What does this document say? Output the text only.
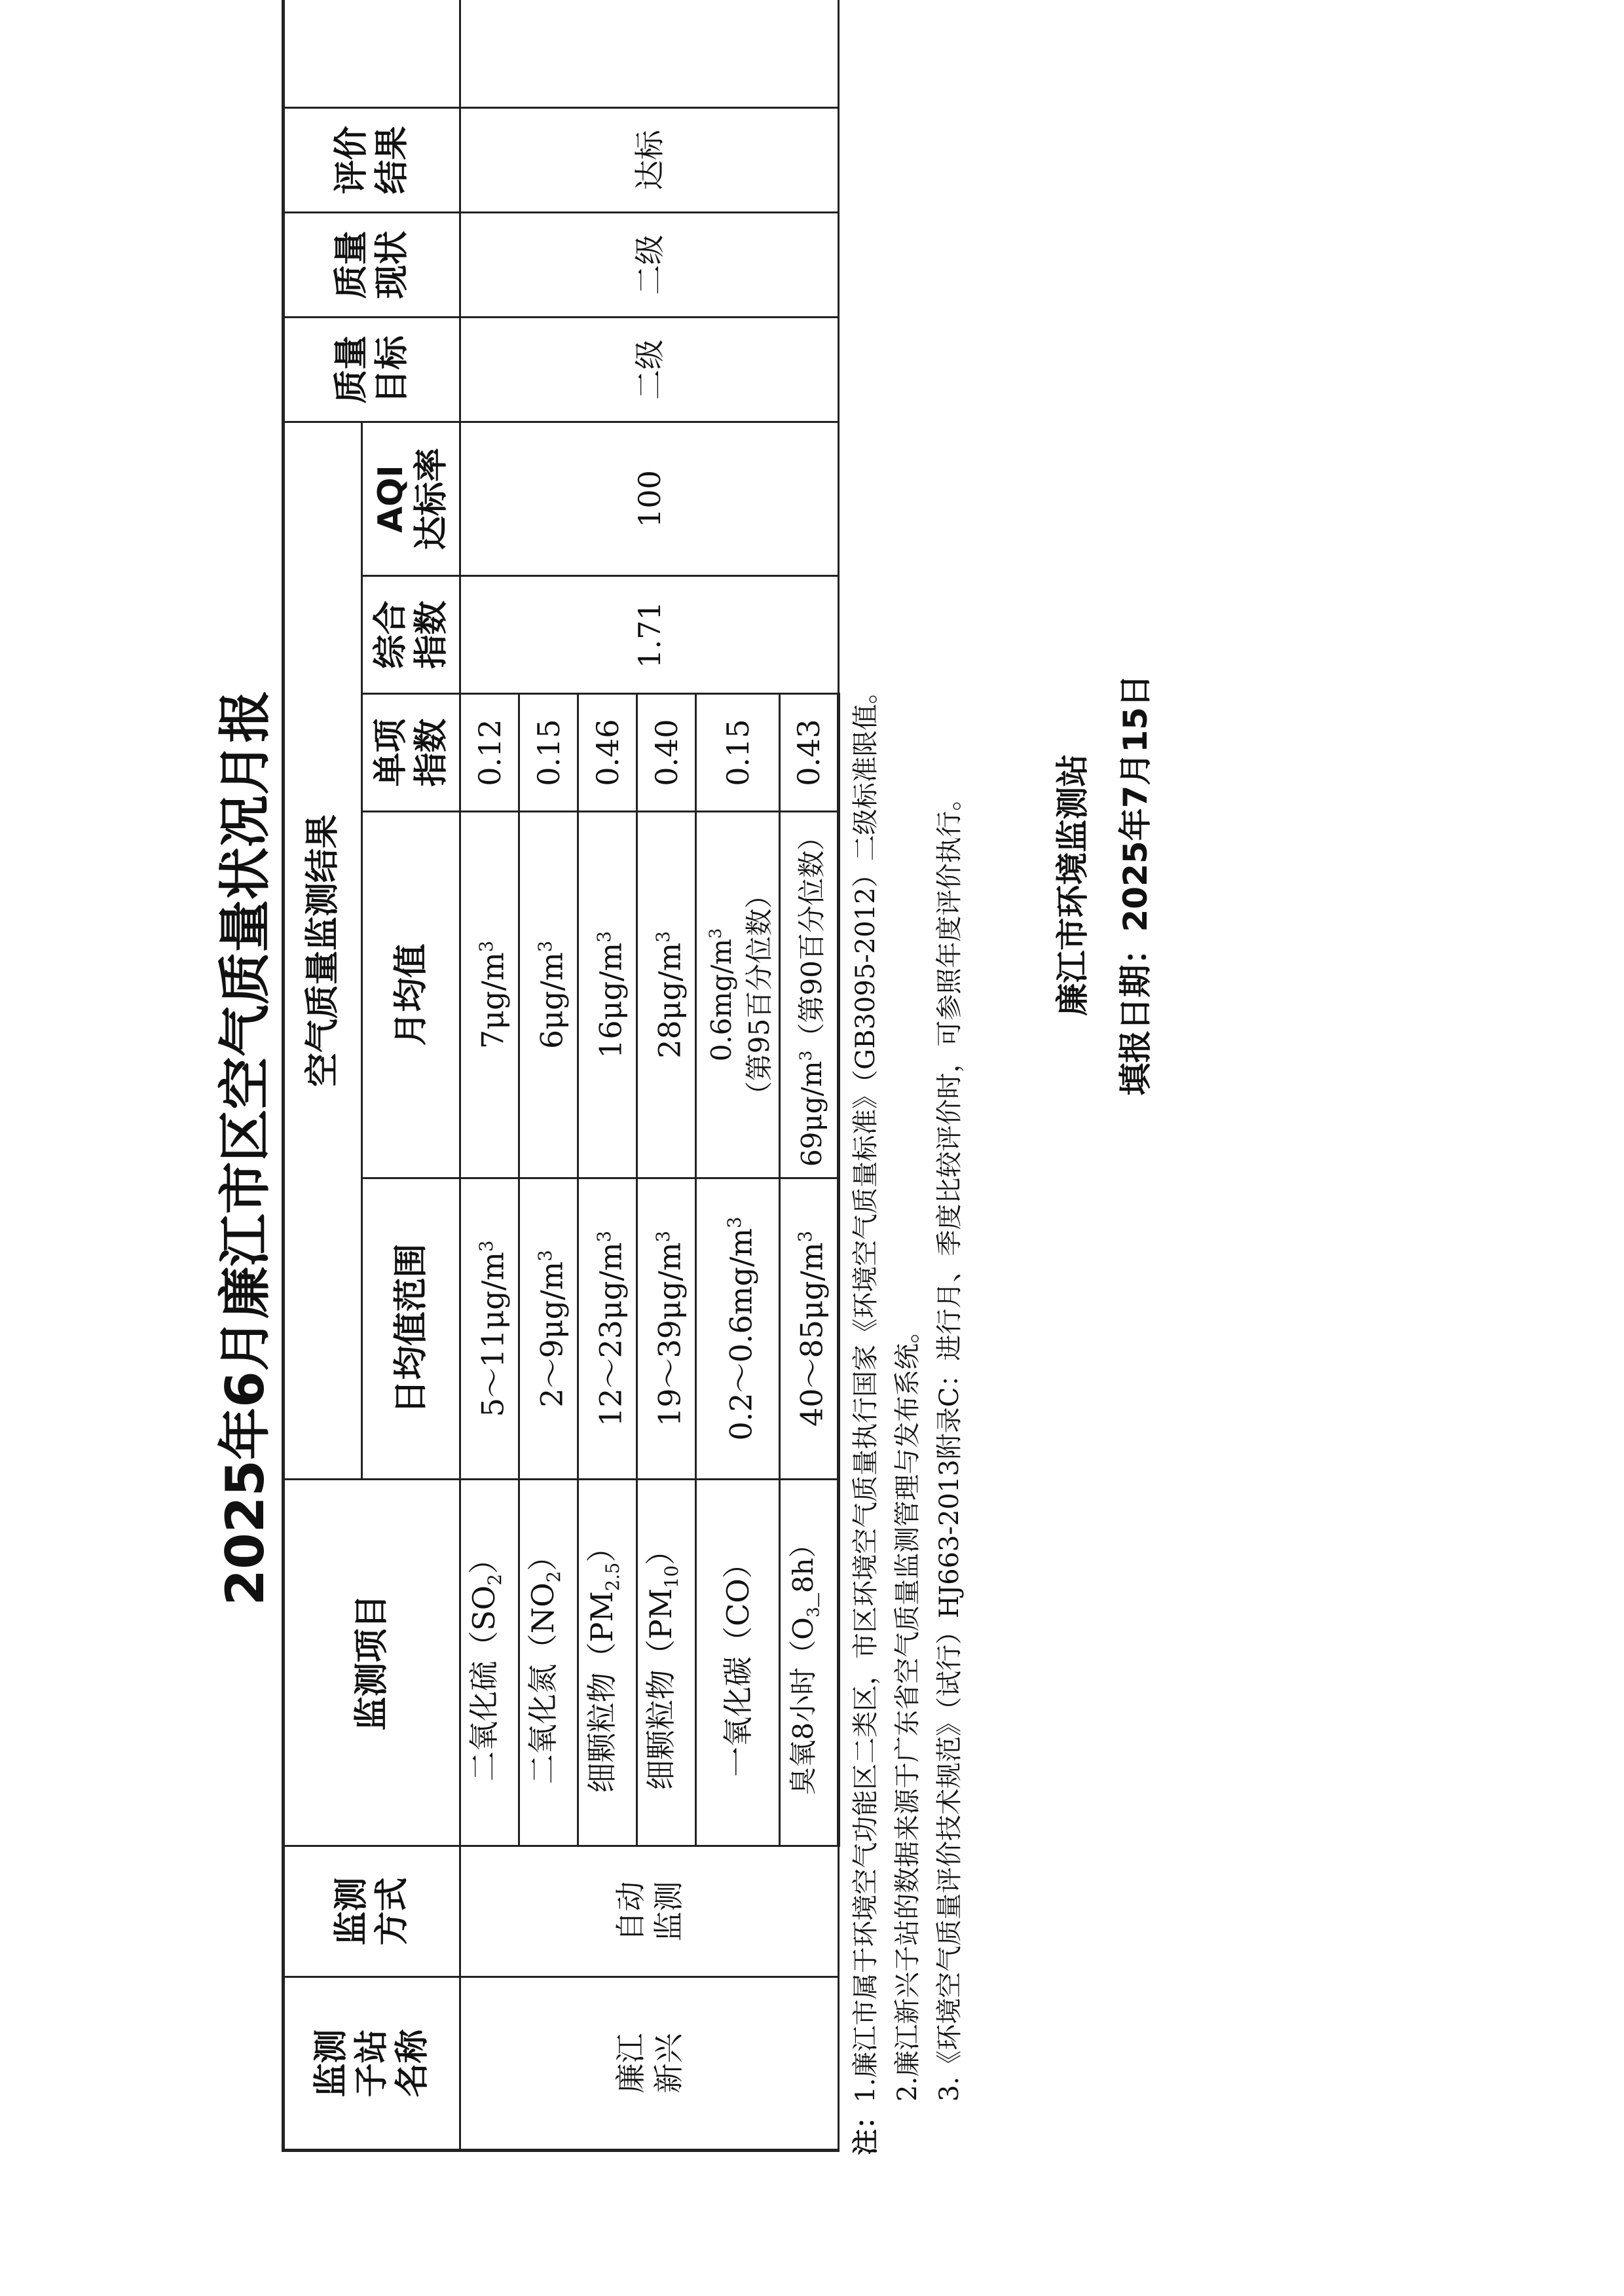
2025年6月廉江市区空气质量状况月报
监测 子站 名称	监测 方式	监测项目	空气质量监测结果					质量 目标	质量 现状	评价 结果

			日均值范围	月均值	单项 指数	综合 指数	AQI 达标率				

廉江 新兴	自动 监测	二氧化硫$(SO_2)$	$5\sim 11\mu g/m^3$	$7\mu g/m^3$	0.12	1.71	100	二级	二级	达标	

		二氧化氮$(NO_2)$	$2\sim 9\mu g/m^3$	$6\mu g/m^3$	0.15						
		细颗粒物$(PM_{2.5})$	$12\sim 23\mu g/m^3$	$16\mu g/m^3$	0.46						
		细颗粒物$(PM_{10})$	$19\sim 39\mu g/m^3$	$28\mu g/m^3$	0.40						
		一氧化碳（CO）	$0.2\sim 0.6mg/m^3$	$0.6mg/m^3$ （第95百分位数）	0.15						
		臭氧8小时$(O_3\_8h)$	$40\sim 85\mu g/m^3$	$69\mu g/m^3$（第90百分位数）	0.43						
注：1.廉江市属于环境空气功能区二类区，市区环境空气质量执行国家《环境空气质量标准》（GB3095-2012）二级标准限值。 2.廉江新兴子站的数据来源于广东省空气质量监测管理与发布系统。 3.《环境空气质量评价技术规范》（试行）HJ663-2013附录C：进行月、季度比较评价时，可参照年度评价执行。	廉江市环境监测站 填报日期：2025年7月15日
